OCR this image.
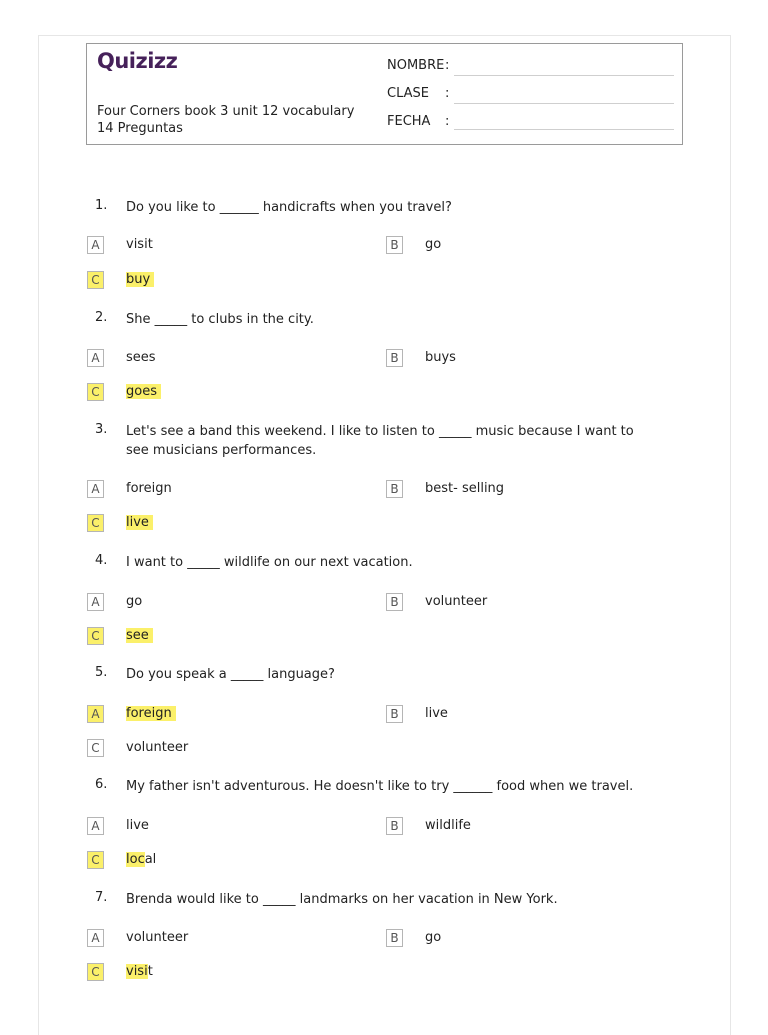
Quizizz
Four Corners book 3 unit 12 vocabulary
14 Preguntas
NOMBRE:
CLASE :
FECHA :
1.	Do you like to ______ handicrafts when you travel?
A	visit	B	go
C	buy
2.	She _____ to clubs in the city.
A	sees	B	buys
C	goes
3.	Let's see a band this weekend. I like to listen to _____ music because I want to see musicians performances.
A	foreign	B	best- selling
C	live
4.	I want to _____ wildlife on our next vacation.
A	go	B	volunteer
C	see
5.	Do you speak a _____ language?
A	foreign	B	live
C	volunteer
6.	My father isn't adventurous. He doesn't like to try ______ food when we travel.
A	live	B	wildlife
C	local
7.	Brenda would like to _____ landmarks on her vacation in New York.
A	volunteer	B	go
C	visit
